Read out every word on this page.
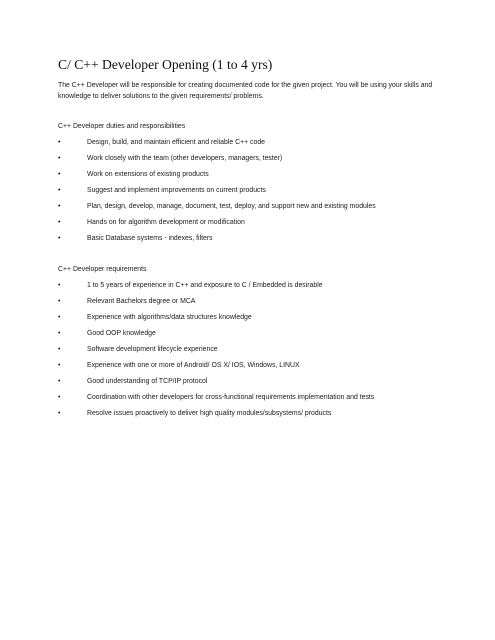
C/ C++ Developer Opening (1 to 4 yrs)

The C++ Developer will be responsible for creating documented code for the given project. You will be using your skills and knowledge to deliver solutions to the given requirements/ problems.

C++ Developer duties and responsibilities

•	Design, build, and maintain efficient and reliable C++ code
•	Work closely with the team (other developers, managers, tester)
•	Work on extensions of existing products
•	Suggest and implement improvements on current products
•	Plan, design, develop, manage, document, test, deploy, and support new and existing modules
•	Hands on for algorithm development or modification
•	Basic Database systems - indexes, filters

C++ Developer requirements

•	1 to 5 years of experience in C++ and exposure to C / Embedded is desirable
•	Relevant Bachelors degree or MCA
•	Experience with algorithms/data structures knowledge
•	Good OOP knowledge
•	Software development lifecycle experience
•	Experience with one or more of Android/ OS X/ IOS, Windows, LINUX
•	Good understanding of TCP/IP protocol
•	Coordination with other developers for cross-functional requirements implementation and tests
•	Resolve issues proactively to deliver high quality modules/subsystems/ products
